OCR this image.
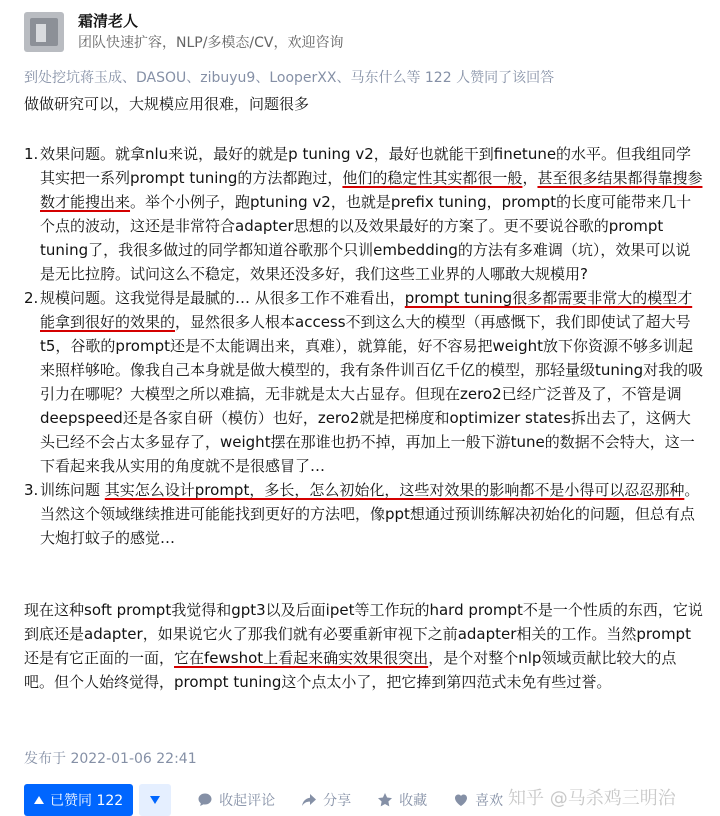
霜清老人
团队快速扩容，NLP/多模态/CV，欢迎咨询
到处挖坑蒋玉成、DASOU、zibuyu9、LooperXX、马东什么等 122 人赞同了该回答

做做研究可以，大规模应用很难，问题很多

1. 效果问题。就拿nlu来说，最好的就是p tuning v2，最好也就能干到finetune的水平。但我组同学其实把一系列prompt tuning的方法都跑过，他们的稳定性其实都很一般，甚至很多结果都得靠搜参数才能搜出来。举个小例子，跑ptuning v2，也就是prefix tuning，prompt的长度可能带来几十个点的波动，这还是非常符合adapter思想的以及效果最好的方案了。更不要说谷歌的prompt tuning了，我很多做过的同学都知道谷歌那个只训embedding的方法有多难调（坑），效果可以说是无比拉胯。试问这么不稳定，效果还没多好，我们这些工业界的人哪敢大规模用?
2. 规模问题。这我觉得是最腻的… 从很多工作不难看出，prompt tuning很多都需要非常大的模型才能拿到很好的效果的，显然很多人根本access不到这么大的模型（再感慨下，我们即使试了超大号t5，谷歌的prompt还是不太能调出来，真难），就算能，好不容易把weight放下你资源不够多训起来照样够呛。像我自己本身就是做大模型的，我有条件训百亿千亿的模型，那轻量级tuning对我的吸引力在哪呢？大模型之所以难搞，无非就是太大占显存。但现在zero2已经广泛普及了，不管是调deepspeed还是各家自研（模仿）也好，zero2就是把梯度和optimizer states拆出去了，这俩大头已经不会占太多显存了，weight摆在那谁也扔不掉，再加上一般下游tune的数据不会特大，这一下看起来我从实用的角度就不是很感冒了…
3. 训练问题 其实怎么设计prompt，多长，怎么初始化，这些对效果的影响都不是小得可以忍忍那种。当然这个领域继续推进可能能找到更好的方法吧，像ppt想通过预训练解决初始化的问题，但总有点大炮打蚊子的感觉…

现在这种soft prompt我觉得和gpt3以及后面ipet等工作玩的hard prompt不是一个性质的东西，它说到底还是adapter，如果说它火了那我们就有必要重新审视下之前adapter相关的工作。当然prompt还是有它正面的一面，它在fewshot上看起来确实效果很突出，是个对整个nlp领域贡献比较大的点吧。但个人始终觉得，prompt tuning这个点太小了，把它捧到第四范式未免有些过誉。

发布于 2022-01-06 22:41
已赞同 122	收起评论	分享	收藏	喜欢 知乎 @马杀鸡三明治
